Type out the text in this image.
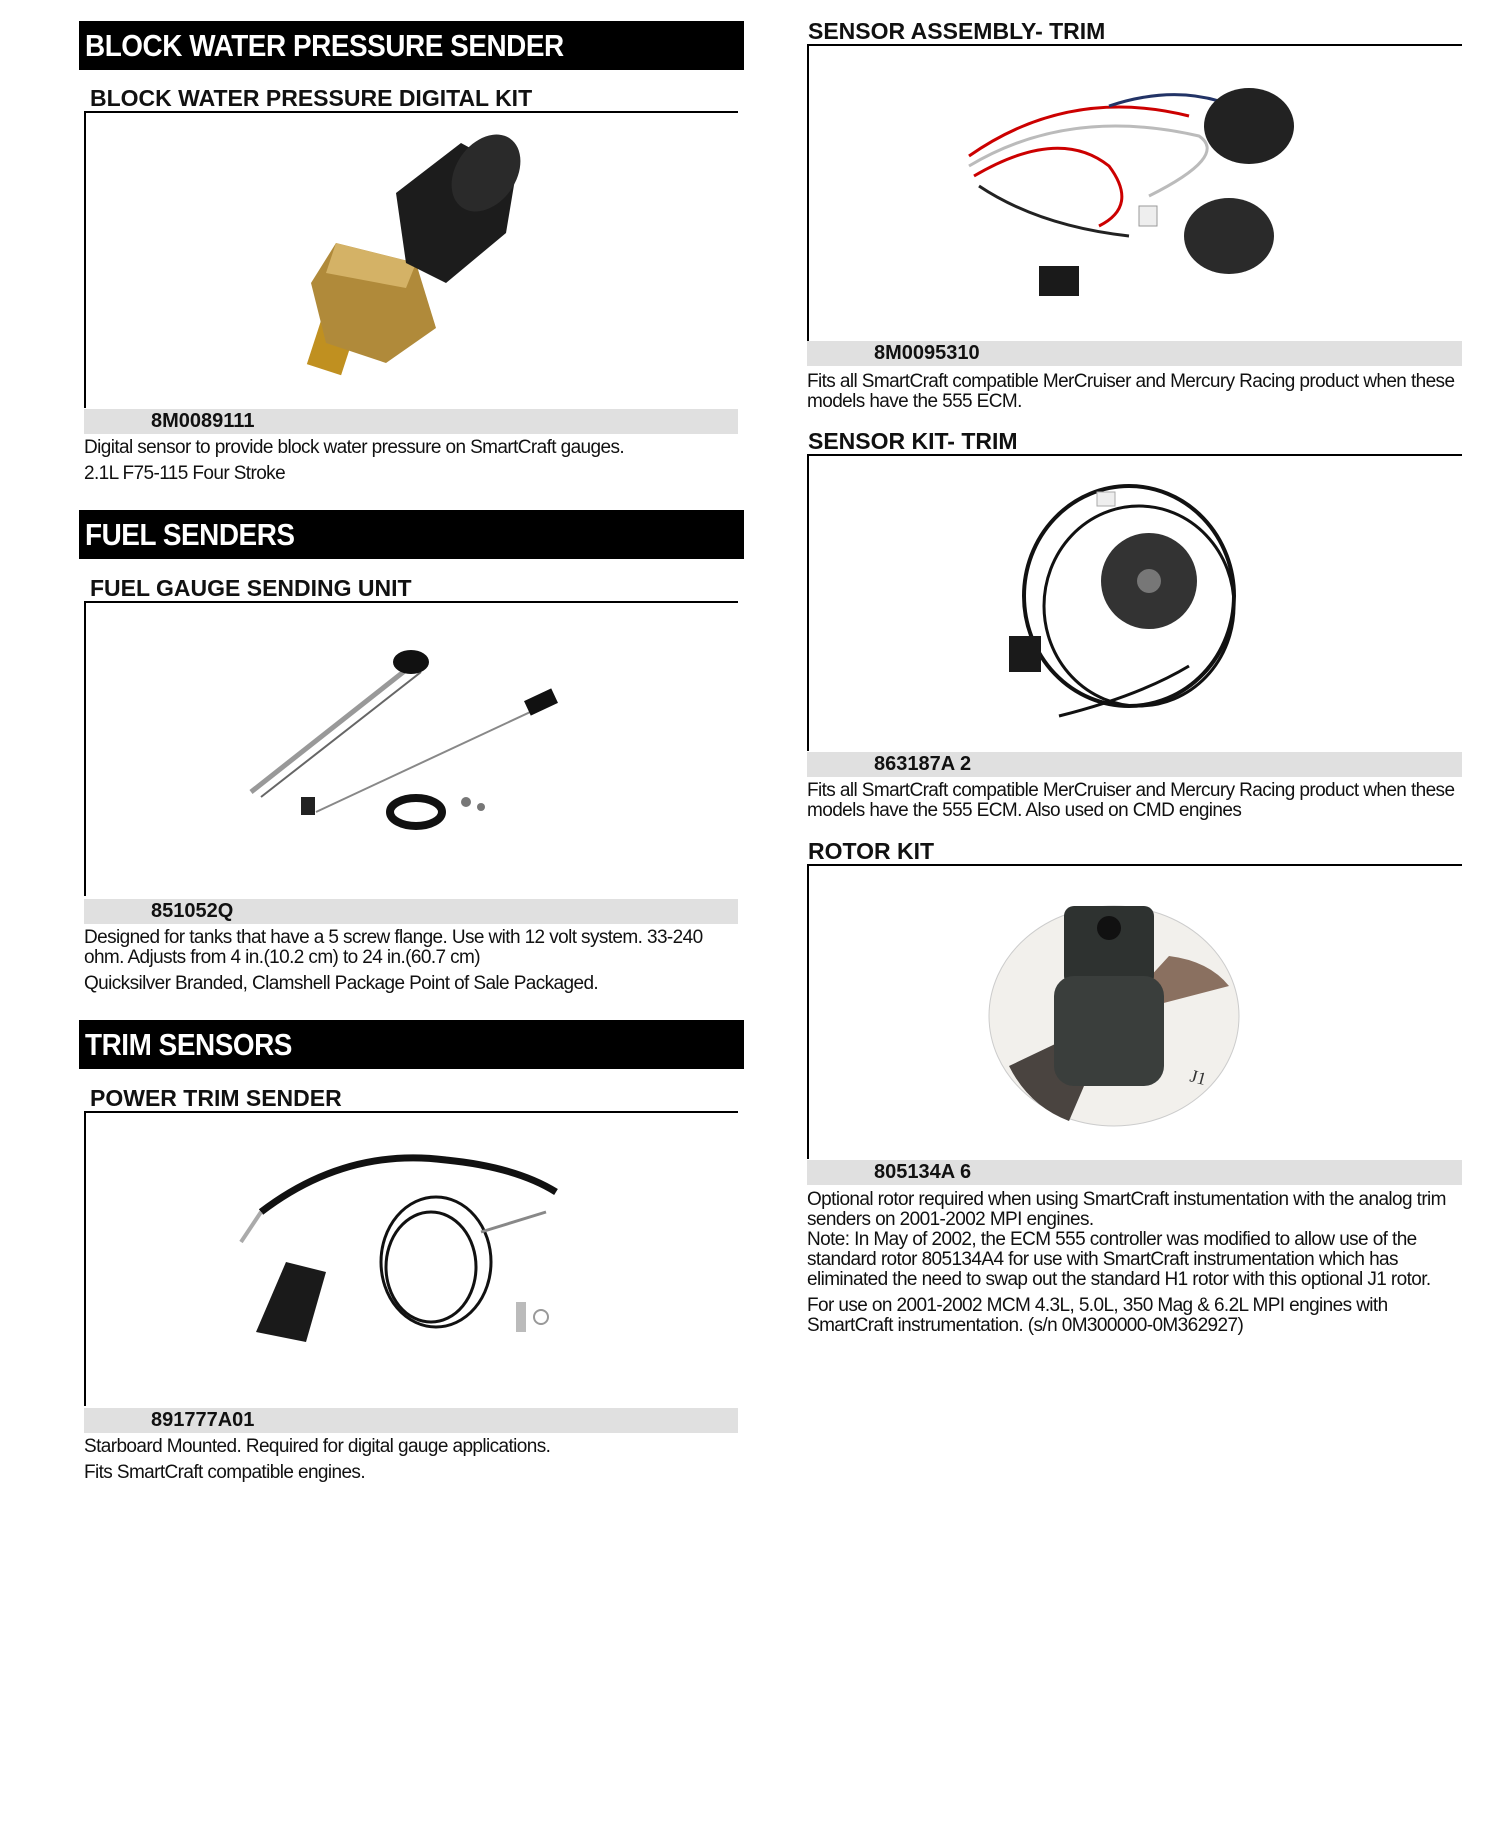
BLOCK WATER PRESSURE SENDER
BLOCK WATER PRESSURE DIGITAL KIT
8M0089111

Digital sensor to provide block water pressure on SmartCraft gauges.

2.1L F75-115 Four Stroke

FUEL SENDERS
FUEL GAUGE SENDING UNIT
851052Q

Designed for tanks that have a 5 screw flange. Use with 12 volt system. 33-240 ohm. Adjusts from 4 in.(10.2 cm) to 24 in.(60.7 cm)

Quicksilver Branded, Clamshell Package Point of Sale Packaged.

TRIM SENSORS
POWER TRIM SENDER
891777A01

Starboard Mounted. Required for digital gauge applications.

Fits SmartCraft compatible engines.

SENSOR ASSEMBLY- TRIM
8M0095310

Fits all SmartCraft compatible MerCruiser and Mercury Racing product when these models have the 555 ECM.

SENSOR KIT- TRIM
863187A 2

Fits all SmartCraft compatible MerCruiser and Mercury Racing product when these models have the 555 ECM. Also used on CMD engines

ROTOR KIT
J1
805134A 6

Optional rotor required when using SmartCraft instumentation with the analog trim senders on 2001-2002 MPI engines.

Note: In May of 2002, the ECM 555 controller was modified to allow use of the standard rotor 805134A4 for use with SmartCraft instrumentation which has eliminated the need to swap out the standard H1 rotor with this optional J1 rotor.

For use on 2001-2002 MCM 4.3L, 5.0L, 350 Mag & 6.2L MPI engines with SmartCraft instrumentation. (s/n 0M300000-0M362927)
